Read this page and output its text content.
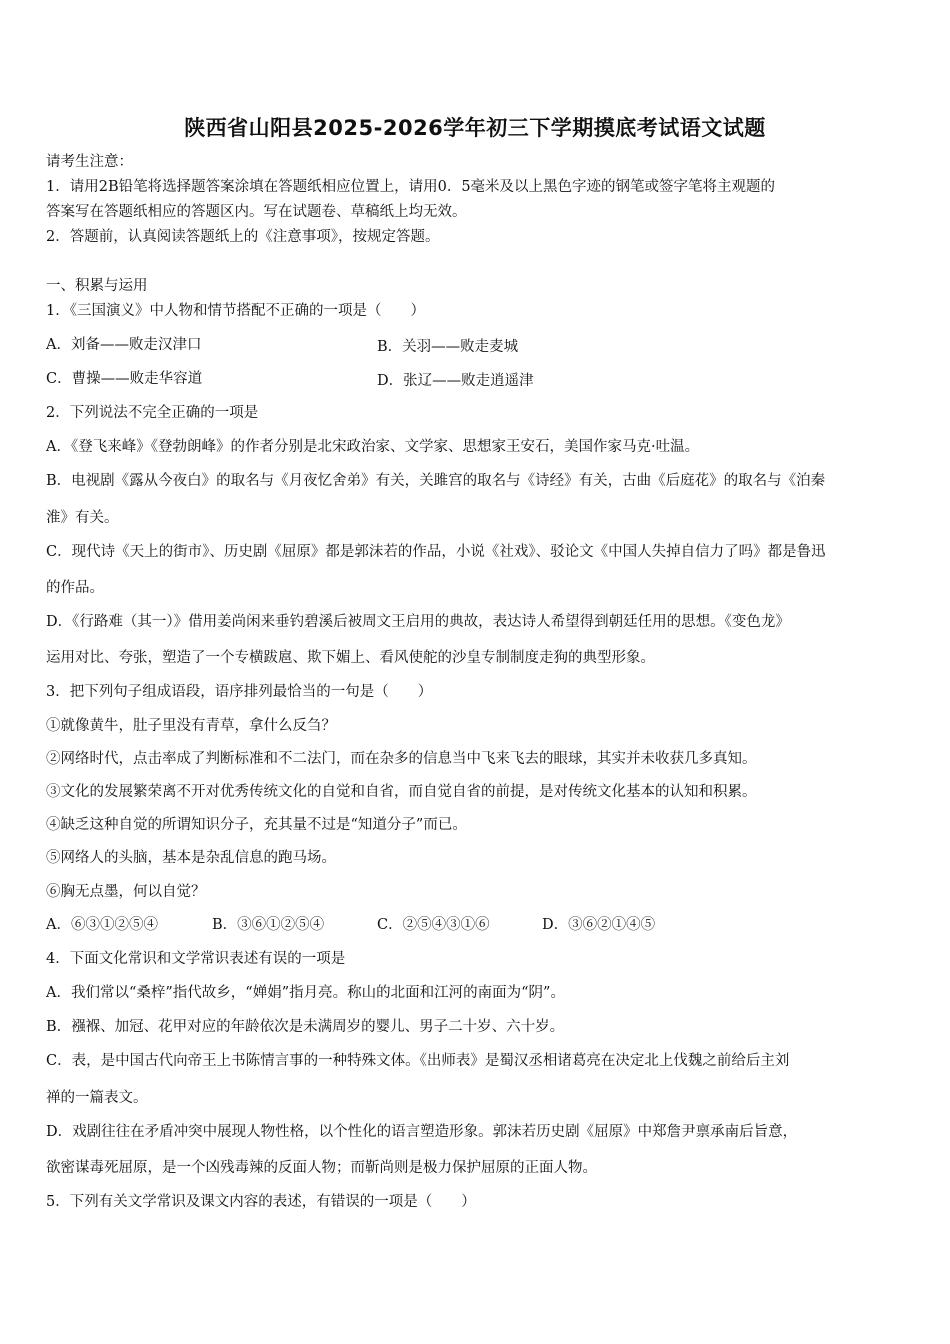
陕西省山阳县2025-2026学年初三下学期摸底考试语文试题
请考生注意：
1．请用2B铅笔将选择题答案涂填在答题纸相应位置上，请用0．5毫米及以上黑色字迹的钢笔或签字笔将主观题的
答案写在答题纸相应的答题区内。写在试题卷、草稿纸上均无效。
2．答题前，认真阅读答题纸上的《注意事项》，按规定答题。
一、积累与运用
1．《三国演义》中人物和情节搭配不正确的一项是（　　）
A．刘备——败走汉津口	B．关羽——败走麦城
C．曹操——败走华容道	D．张辽——败走逍遥津
2．下列说法不完全正确的一项是
A．《登飞来峰》《登勃朗峰》的作者分别是北宋政治家、文学家、思想家王安石，美国作家马克·吐温。
B．电视剧《露从今夜白》的取名与《月夜忆舍弟》有关，关雎宫的取名与《诗经》有关，古曲《后庭花》的取名与《泊秦
淮》有关。
C．现代诗《天上的街市》、历史剧《屈原》都是郭沫若的作品，小说《社戏》、驳论文《中国人失掉自信力了吗》都是鲁迅
的作品。
D．《行路难（其一）》借用姜尚闲来垂钓碧溪后被周文王启用的典故，表达诗人希望得到朝廷任用的思想。《变色龙》
运用对比、夸张，塑造了一个专横跋扈、欺下媚上、看风使舵的沙皇专制制度走狗的典型形象。
3．把下列句子组成语段，语序排列最恰当的一句是（　　）
①就像黄牛，肚子里没有青草，拿什么反刍？
②网络时代，点击率成了判断标准和不二法门，而在杂多的信息当中飞来飞去的眼球，其实并未收获几多真知。
③文化的发展繁荣离不开对优秀传统文化的自觉和自省，而自觉自省的前提，是对传统文化基本的认知和积累。
④缺乏这种自觉的所谓知识分子，充其量不过是“知道分子”而已。
⑤网络人的头脑，基本是杂乱信息的跑马场。
⑥胸无点墨，何以自觉？
A．⑥③①②⑤④	B．③⑥①②⑤④	C．②⑤④③①⑥	D．③⑥②①④⑤
4．下面文化常识和文学常识表述有误的一项是
A．我们常以“桑梓”指代故乡，“婵娟”指月亮。称山的北面和江河的南面为“阴”。
B．襁褓、加冠、花甲对应的年龄依次是未满周岁的婴儿、男子二十岁、六十岁。
C．表，是中国古代向帝王上书陈情言事的一种特殊文体。《出师表》是蜀汉丞相诸葛亮在决定北上伐魏之前给后主刘
禅的一篇表文。
D．戏剧往往在矛盾冲突中展现人物性格，以个性化的语言塑造形象。郭沫若历史剧《屈原》中郑詹尹禀承南后旨意，
欲密谋毒死屈原，是一个凶残毒辣的反面人物；而靳尚则是极力保护屈原的正面人物。
5．下列有关文学常识及课文内容的表述，有错误的一项是（　　）
